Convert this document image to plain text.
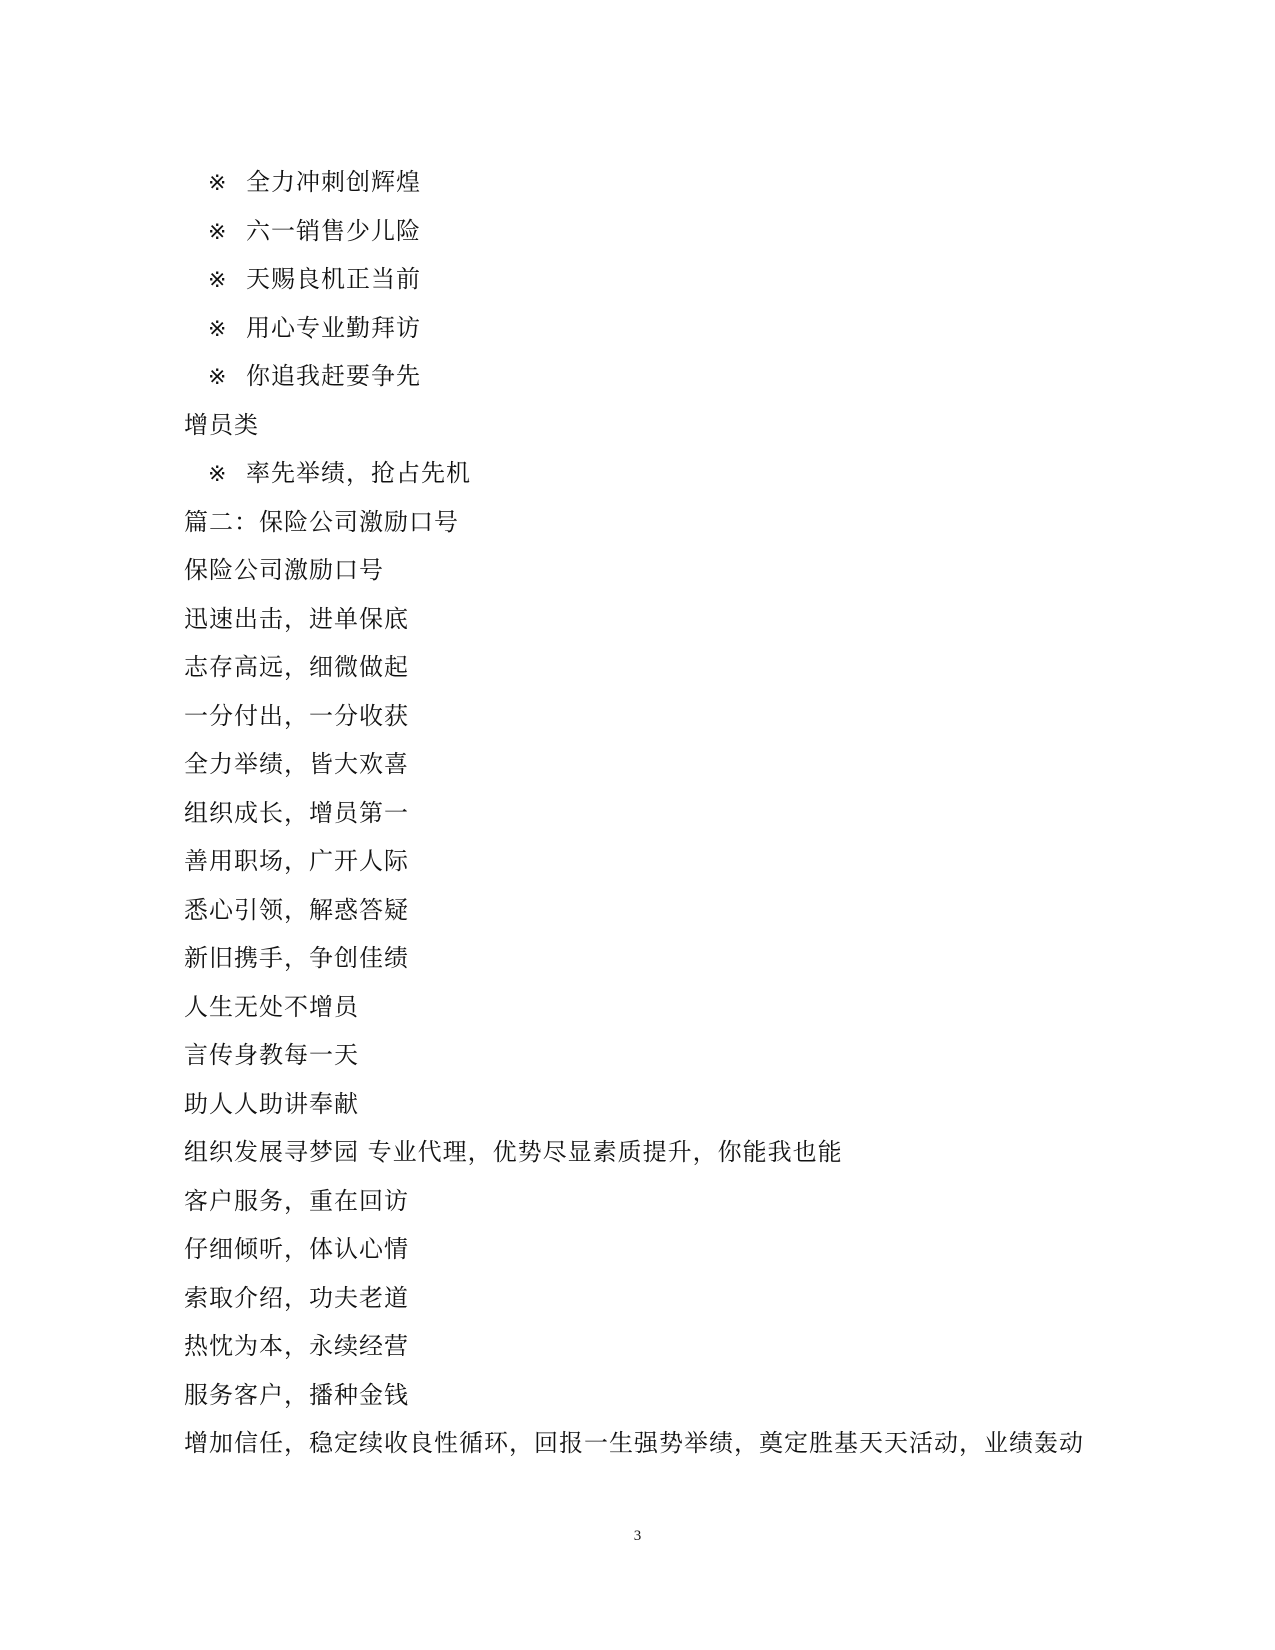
※ 全力冲刺创辉煌
※ 六一销售少儿险
※ 天赐良机正当前
※ 用心专业勤拜访
※ 你追我赶要争先
增员类
※ 率先举绩，抢占先机
篇二：保险公司激励口号
保险公司激励口号
迅速出击，进单保底
志存高远，细微做起
一分付出，一分收获
全力举绩，皆大欢喜
组织成长，增员第一
善用职场，广开人际
悉心引领，解惑答疑
新旧携手，争创佳绩
人生无处不增员
言传身教每一天
助人人助讲奉献
组织发展寻梦园 专业代理，优势尽显素质提升，你能我也能
客户服务，重在回访
仔细倾听，体认心情
索取介绍，功夫老道
热忱为本，永续经营
服务客户，播种金钱
增加信任，稳定续收良性循环，回报一生强势举绩，奠定胜基天天活动，业绩轰动
3
